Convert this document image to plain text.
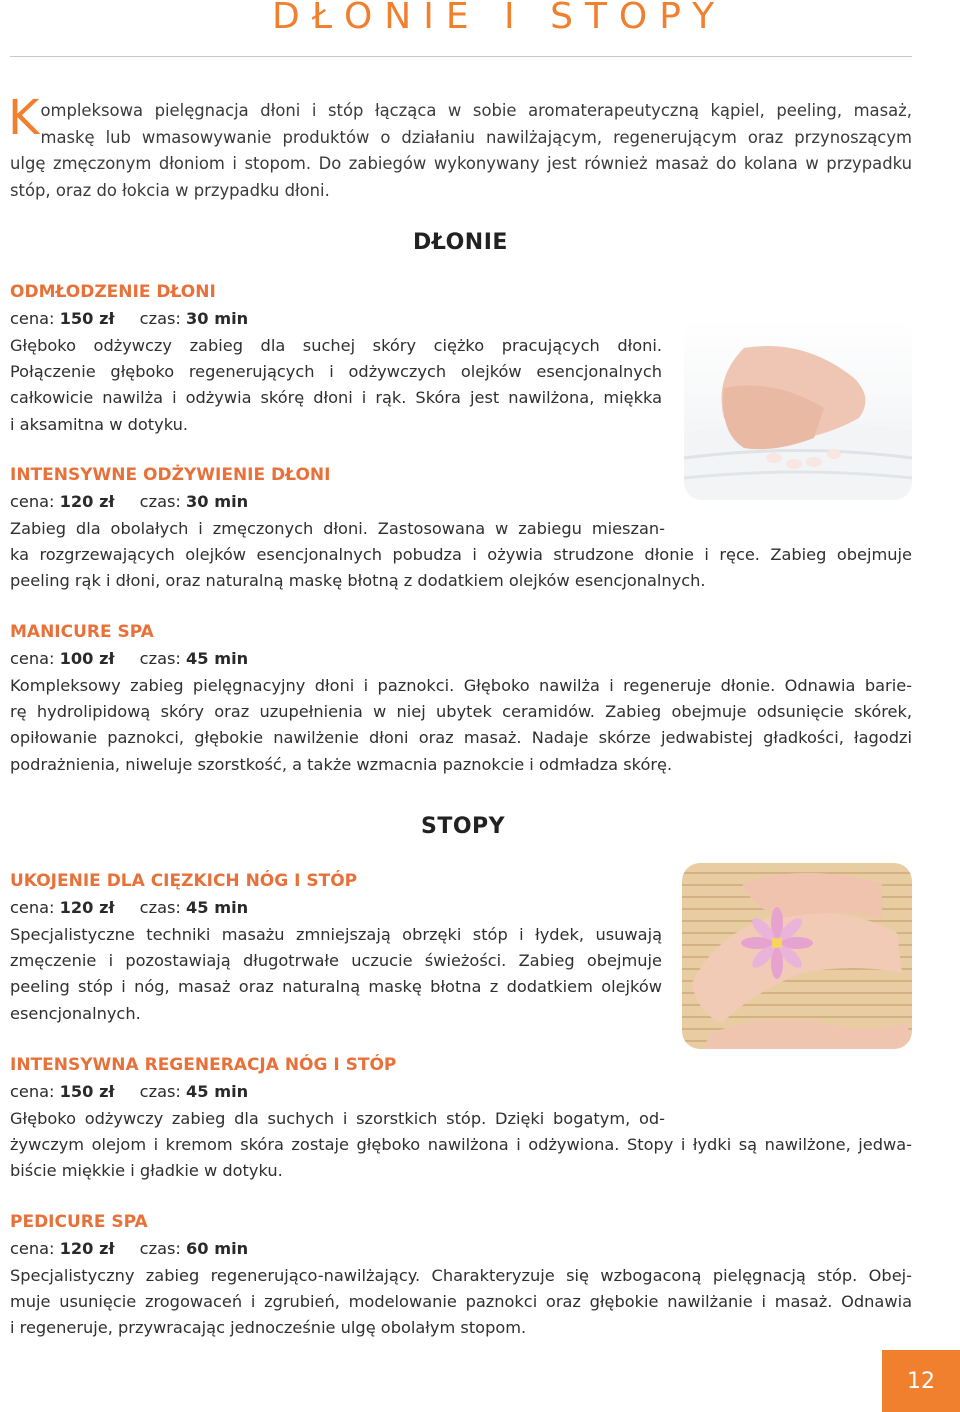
DŁONIE I STOPY
K ompleksowa pielęgnacja dłoni i stóp łącząca w sobie aromaterapeutyczną kąpiel, peeling, masaż,
maskę lub wmasowywanie produktów o działaniu nawilżającym, regenerującym oraz przynoszącym
ulgę zmęczonym dłoniom i stopom. Do zabiegów wykonywany jest również masaż do kolana w przypadku
stóp, oraz do łokcia w przypadku dłoni.
DŁONIE
ODMŁODZENIE DŁONI
cena: 150 zł czas: 30 min
Głęboko odżywczy zabieg dla suchej skóry ciężko pracujących dłoni.
Połączenie głęboko regenerujących i odżywczych olejków esencjonalnych
całkowicie nawilża i odżywia skórę dłoni i rąk. Skóra jest nawilżona, miękka
i aksamitna w dotyku.
INTENSYWNE ODŻYWIENIE DŁONI
cena: 120 zł czas: 30 min
Zabieg dla obolałych i zmęczonych dłoni. Zastosowana w zabiegu mieszan-
ka rozgrzewających olejków esencjonalnych pobudza i ożywia strudzone dłonie i ręce. Zabieg obejmuje
peeling rąk i dłoni, oraz naturalną maskę błotną z dodatkiem olejków esencjonalnych.
MANICURE SPA
cena: 100 zł czas: 45 min
Kompleksowy zabieg pielęgnacyjny dłoni i paznokci. Głęboko nawilża i regeneruje dłonie. Odnawia barie-
rę hydrolipidową skóry oraz uzupełnienia w niej ubytek ceramidów. Zabieg obejmuje odsunięcie skórek,
opiłowanie paznokci, głębokie nawilżenie dłoni oraz masaż. Nadaje skórze jedwabistej gładkości, łagodzi
podrażnienia, niweluje szorstkość, a także wzmacnia paznokcie i odmładza skórę.
STOPY
UKOJENIE DLA CIĘZKICH NÓG I STÓP
cena: 120 zł czas: 45 min
Specjalistyczne techniki masażu zmniejszają obrzęki stóp i łydek, usuwają
zmęczenie i pozostawiają długotrwałe uczucie świeżości. Zabieg obejmuje
peeling stóp i nóg, masaż oraz naturalną maskę błotna z dodatkiem olejków
esencjonalnych.
INTENSYWNA REGENERACJA NÓG I STÓP
cena: 150 zł czas: 45 min
Głęboko odżywczy zabieg dla suchych i szorstkich stóp. Dzięki bogatym, od-
żywczym olejom i kremom skóra zostaje głęboko nawilżona i odżywiona. Stopy i łydki są nawilżone, jedwa-
biście miękkie i gładkie w dotyku.
PEDICURE SPA
cena: 120 zł czas: 60 min
Specjalistyczny zabieg regenerująco-nawilżający. Charakteryzuje się wzbogaconą pielęgnacją stóp. Obej-
muje usunięcie zrogowaceń i zgrubień, modelowanie paznokci oraz głębokie nawilżanie i masaż. Odnawia
i regeneruje, przywracając jednocześnie ulgę obolałym stopom.
12
